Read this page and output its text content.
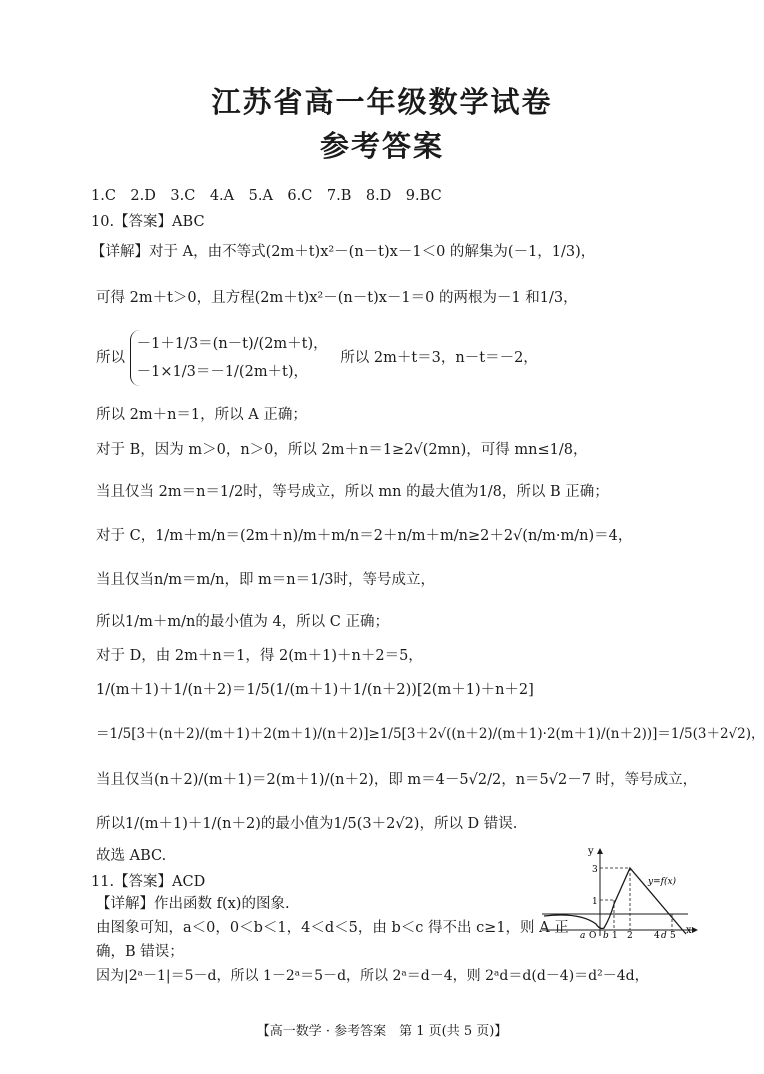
江苏省高一年级数学试卷
参考答案
1.C　2.D　3.C　4.A　5.A　6.C　7.B　8.D　9.BC
10.【答案】ABC
【详解】对于 A，由不等式(2m＋t)x²－(n－t)x－1＜0 的解集为(－1，1/3)，
可得 2m＋t＞0，且方程(2m＋t)x²－(n－t)x－1＝0 的两根为－1 和1/3，
所以
－1＋1/3＝(n－t)/(2m＋t)，
－1×1/3＝－1/(2m＋t)，
所以 2m＋t＝3，n－t＝－2，
所以 2m＋n＝1，所以 A 正确；
对于 B，因为 m＞0，n＞0，所以 2m＋n＝1≥2√(2mn)，可得 mn≤1/8，
当且仅当 2m＝n＝1/2时，等号成立，所以 mn 的最大值为1/8，所以 B 正确；
对于 C，1/m＋m/n＝(2m＋n)/m＋m/n＝2＋n/m＋m/n≥2＋2√(n/m·m/n)＝4，
当且仅当n/m＝m/n，即 m＝n＝1/3时，等号成立，
所以1/m＋m/n的最小值为 4，所以 C 正确；
对于 D，由 2m＋n＝1，得 2(m＋1)＋n＋2＝5，
1/(m＋1)＋1/(n＋2)＝1/5(1/(m＋1)＋1/(n＋2))[2(m＋1)＋n＋2]
＝1/5[3＋(n＋2)/(m＋1)＋2(m＋1)/(n＋2)]≥1/5[3＋2√((n＋2)/(m＋1)·2(m＋1)/(n＋2))]＝1/5(3＋2√2)，
当且仅当(n＋2)/(m＋1)＝2(m＋1)/(n＋2)，即 m＝4－5√2/2，n＝5√2－7 时，等号成立，
所以1/(m＋1)＋1/(n＋2)的最小值为1/5(3＋2√2)，所以 D 错误.
故选 ABC.
11.【答案】ACD
【详解】作出函数 f(x)的图象.
由图象可知，a＜0，0＜b＜1，4＜d＜5，由 b＜c 得不出 c≥1，则 A 正
确，B 错误；
因为|2ᵃ－1|＝5－d，所以 1－2ᵃ＝5－d，所以 2ᵃ＝d－4，则 2ᵃd＝d(d－4)＝d²－4d，
y
x
3
1
y=f(x)
a O b 1 2 4 d 5
【高一数学 · 参考答案　第 1 页(共 5 页)】
